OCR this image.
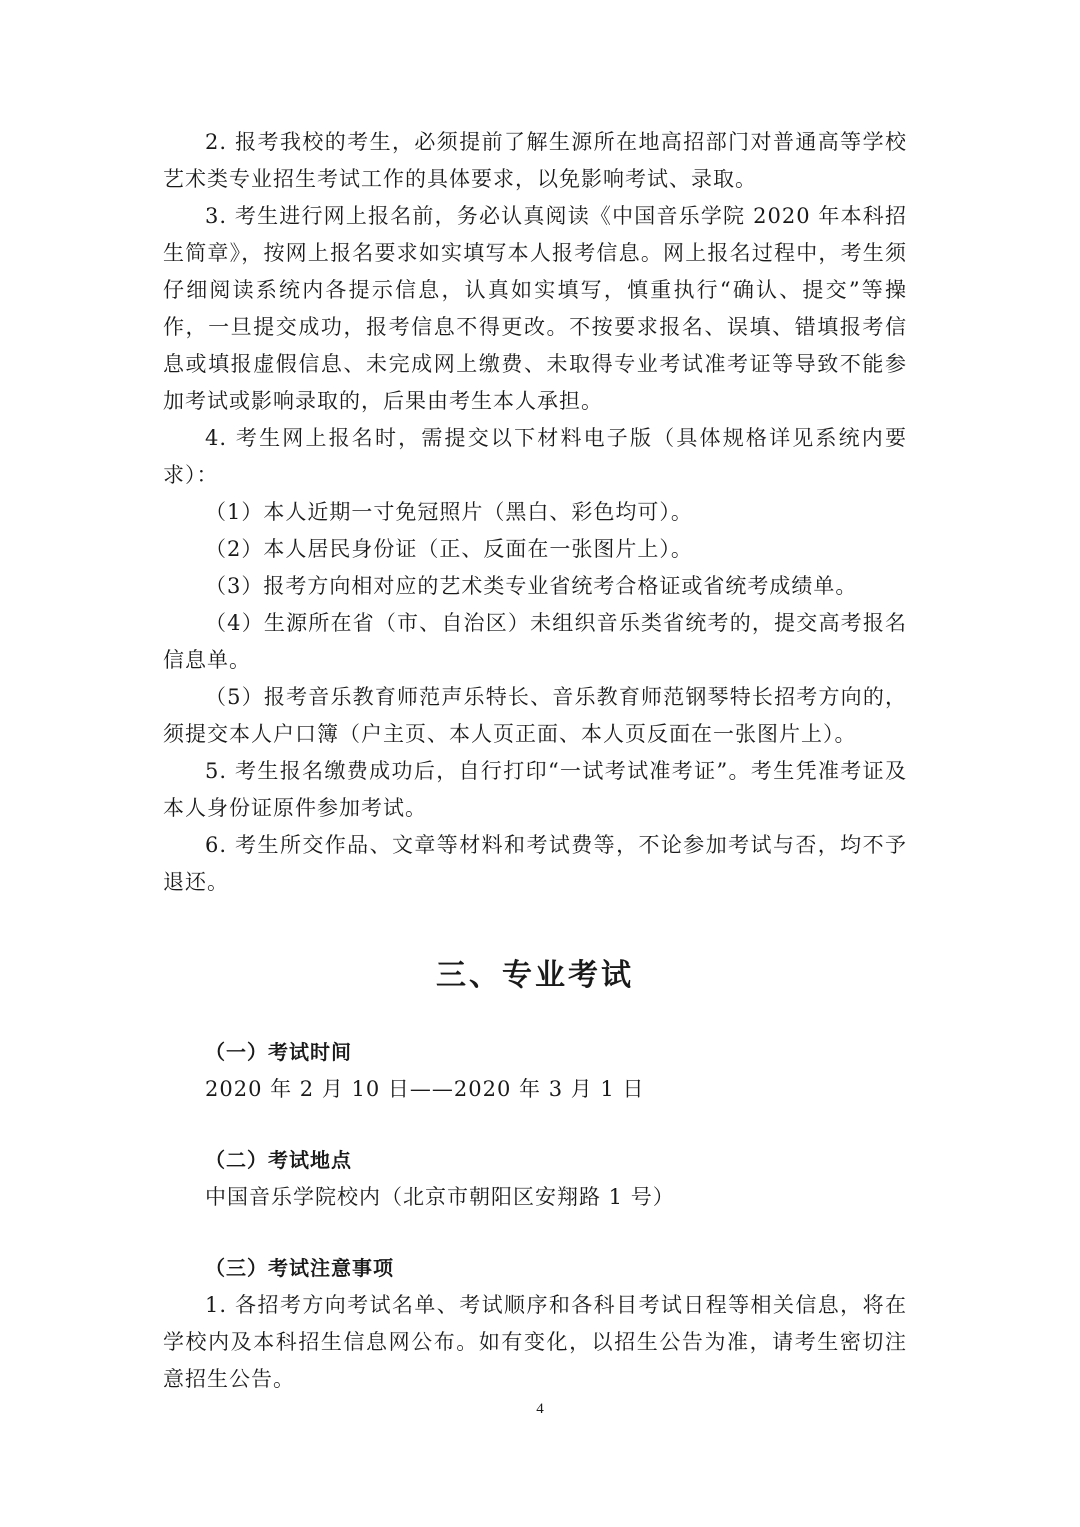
2. 报考我校的考生，必须提前了解生源所在地高招部门对普通高等学校艺术类专业招生考试工作的具体要求，以免影响考试、录取。

3. 考生进行网上报名前，务必认真阅读《中国音乐学院 2020 年本科招生简章》，按网上报名要求如实填写本人报考信息。网上报名过程中，考生须仔细阅读系统内各提示信息，认真如实填写，慎重执行“确认、提交”等操作，一旦提交成功，报考信息不得更改。不按要求报名、误填、错填报考信息或填报虚假信息、未完成网上缴费、未取得专业考试准考证等导致不能参加考试或影响录取的，后果由考生本人承担。

4. 考生网上报名时，需提交以下材料电子版（具体规格详见系统内要求）：

（1）本人近期一寸免冠照片（黑白、彩色均可）。

（2）本人居民身份证（正、反面在一张图片上）。

（3）报考方向相对应的艺术类专业省统考合格证或省统考成绩单。

（4）生源所在省（市、自治区）未组织音乐类省统考的，提交高考报名信息单。

（5）报考音乐教育师范声乐特长、音乐教育师范钢琴特长招考方向的，须提交本人户口簿（户主页、本人页正面、本人页反面在一张图片上）。

5. 考生报名缴费成功后，自行打印“一试考试准考证”。考生凭准考证及本人身份证原件参加考试。

6. 考生所交作品、文章等材料和考试费等，不论参加考试与否，均不予退还。

三、专业考试

（一）考试时间

2020 年 2 月 10 日——2020 年 3 月 1 日

（二）考试地点

中国音乐学院校内（北京市朝阳区安翔路 1 号）

（三）考试注意事项

1. 各招考方向考试名单、考试顺序和各科目考试日程等相关信息，将在学校内及本科招生信息网公布。如有变化，以招生公告为准，请考生密切注意招生公告。

4
